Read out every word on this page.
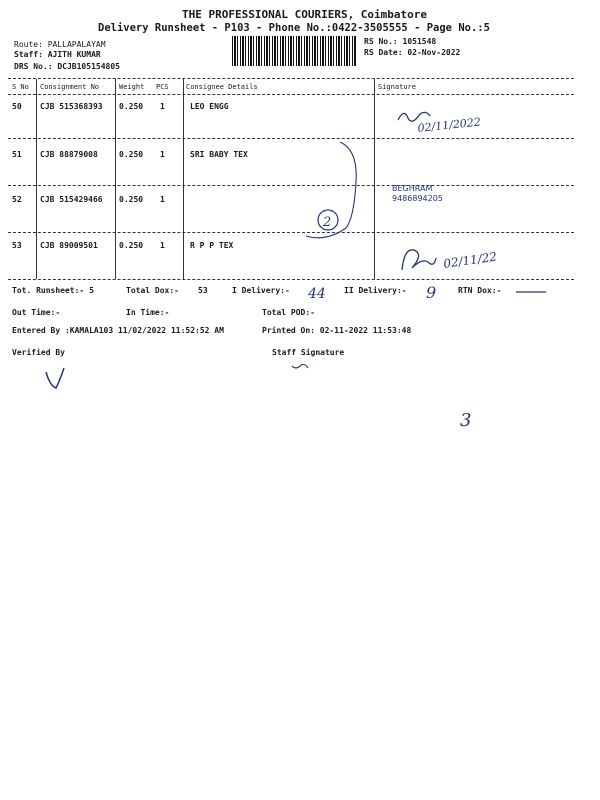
THE PROFESSIONAL COURIERS, Coimbatore
Delivery Runsheet - P103 - Phone No.:0422-3505555 - Page No.:5
Route: PALLAPALAYAM
Staff: AJITH KUMAR
DRS No.: DCJB105154805
RS No.: 1051548
RS Date: 02-Nov-2022
S No Consignment No	Weight PCS Consignee Details	Signature
50 CJB 515368393 0.250 1	LEO ENGG
51 CJB 88879008	0.250 1	SRI BABY TEX
52 CJB 515429466 0.250 1
53 CJB 89009501	0.250 1	R P P TEX
Tot. Runsheet:- 5	Total Dox:- 53	I Delivery:-	II Delivery:-	RTN Dox:-
Out Time:-	In Time:-	Total POD:-
Entered By :KAMALA103 11/02/2022 11:52:52 AM	Printed On: 02-11-2022 11:53:48
Verified By	Staff Signature
02/11/2022
2
BEGHRAM
9486894205
02/11/22
44	9
3
